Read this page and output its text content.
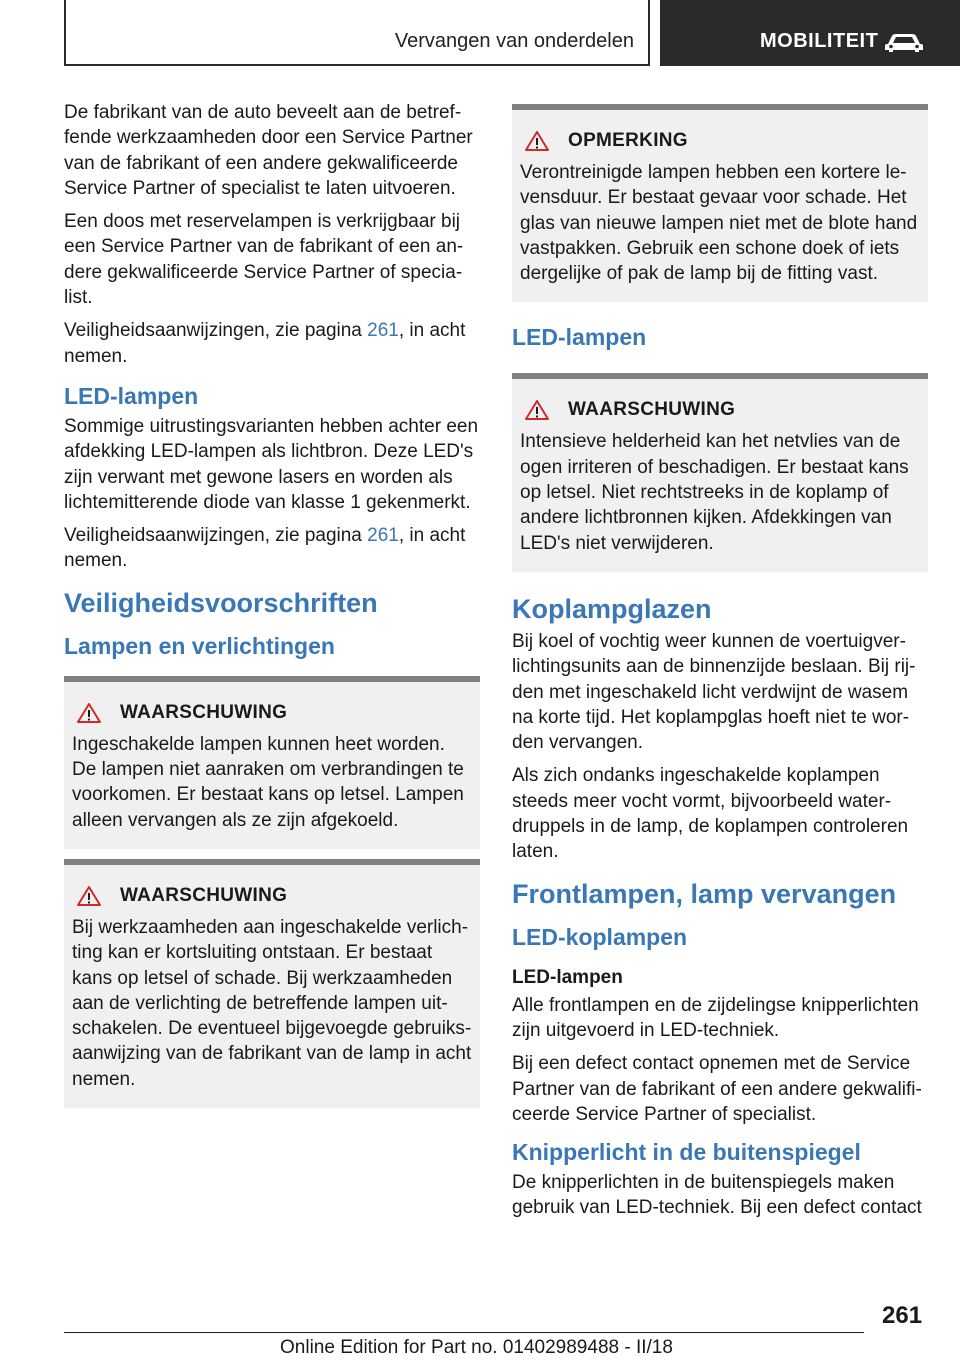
Vervangen van onderdelen	MOBILITEIT

De fabrikant van de auto beveelt aan de betreffende werkzaamheden door een Service Partner van de fabrikant of een andere gekwalificeerde Service Partner of specialist te laten uitvoeren.

Een doos met reservelampen is verkrijgbaar bij een Service Partner van de fabrikant of een andere gekwalificeerde Service Partner of specialist.

Veiligheidsaanwijzingen, zie pagina 261, in acht nemen.

LED-lampen

Sommige uitrustingsvarianten hebben achter een afdekking LED-lampen als lichtbron. Deze LED's zijn verwant met gewone lasers en worden als lichtemitterende diode van klasse 1 gekenmerkt.

Veiligheidsaanwijzingen, zie pagina 261, in acht nemen.

Veiligheidsvoorschriften
Lampen en verlichtingen
WAARSCHUWING

Ingeschakelde lampen kunnen heet worden. De lampen niet aanraken om verbrandingen te voorkomen. Er bestaat kans op letsel. Lampen alleen vervangen als ze zijn afgekoeld.

WAARSCHUWING

Bij werkzaamheden aan ingeschakelde verlichting kan er kortsluiting ontstaan. Er bestaat kans op letsel of schade. Bij werkzaamheden aan de verlichting de betreffende lampen uitschakelen. De eventueel bijgevoegde gebruiksaanwijzing van de fabrikant van de lamp in acht nemen.

OPMERKING

Verontreinigde lampen hebben een kortere levensduur. Er bestaat gevaar voor schade. Het glas van nieuwe lampen niet met de blote hand vastpakken. Gebruik een schone doek of iets dergelijke of pak de lamp bij de fitting vast.

LED-lampen
WAARSCHUWING

Intensieve helderheid kan het netvlies van de ogen irriteren of beschadigen. Er bestaat kans op letsel. Niet rechtstreeks in de koplamp of andere lichtbronnen kijken. Afdekkingen van LED's niet verwijderen.

Koplampglazen

Bij koel of vochtig weer kunnen de voertuigverlichtingsunits aan de binnenzijde beslaan. Bij rijden met ingeschakeld licht verdwijnt de wasem na korte tijd. Het koplampglas hoeft niet te worden vervangen.

Als zich ondanks ingeschakelde koplampen steeds meer vocht vormt, bijvoorbeeld waterdruppels in de lamp, de koplampen controleren laten.

Frontlampen, lamp vervangen
LED-koplampen
LED-lampen

Alle frontlampen en de zijdelingse knipperlichten zijn uitgevoerd in LED-techniek.

Bij een defect contact opnemen met de Service Partner van de fabrikant of een andere gekwalificeerde Service Partner of specialist.

Knipperlicht in de buitenspiegel

De knipperlichten in de buitenspiegels maken gebruik van LED-techniek. Bij een defect contact

261
Online Edition for Part no. 01402989488 - II/18
